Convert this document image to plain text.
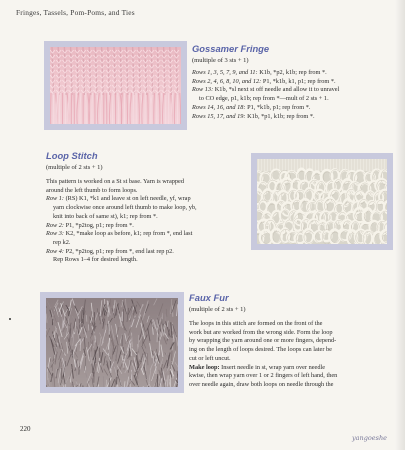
Fringes, Tassels, Pom-Poms, and Ties
Gossamer Fringe
(multiple of 3 sts + 1)
Rows 1, 3, 5, 7, 9, and 11: K1b, *p2, k1b; rep from *.
Rows 2, 4, 6, 8, 10, and 12: P1, *k1b, k1, p1; rep from *.
Row 13: K1b, *sl next st off needle and allow it to unravel
to CO edge, p1, k1b; rep from *—mult of 2 sts + 1.
Rows 14, 16, and 18: P1, *k1b, p1; rep from *.
Rows 15, 17, and 19: K1b, *p1, k1b; rep from *.
Loop Stitch
(multiple of 2 sts + 1)
This pattern is worked on a St st base. Yarn is wrapped
around the left thumb to form loops.
Row 1: (RS) K1, *k1 and leave st on left needle, yf, wrap
yarn clockwise once around left thumb to make loop, yb,
knit into back of same st), k1; rep from *.
Row 2: P1, *p2tog, p1; rep from *.
Row 3: K2, *make loop as before, k1; rep from *, end last
rep k2.
Row 4: P2, *p2tog, p1; rep from *, end last rep p2.
Rep Rows 1–4 for desired length.
Faux Fur
(multiple of 2 sts + 1)
The loops in this stitch are formed on the front of the
work but are worked from the wrong side. Form the loop
by wrapping the yarn around one or more fingers, depend-
ing on the length of loops desired. The loops can later be
cut or left uncut.
Make loop: Insert needle in st, wrap yarn over needle
kwise, then wrap yarn over 1 or 2 fingers of left hand, then
over needle again, draw both loops on needle through the
220
yangoeshe
